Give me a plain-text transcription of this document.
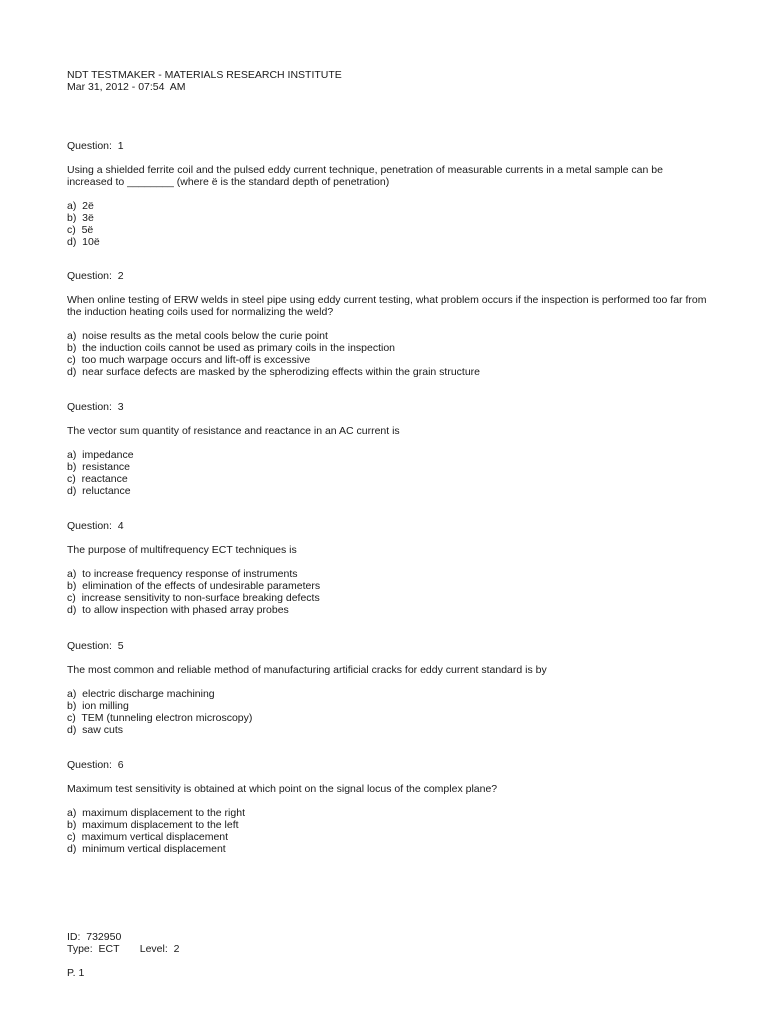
NDT TESTMAKER - MATERIALS RESEARCH INSTITUTE
Mar 31, 2012 - 07:54  AM
Question:  1
Using a shielded ferrite coil and the pulsed eddy current technique, penetration of measurable currents in a metal sample can be increased to ________ (where ë is the standard depth of penetration)
a)  2ë
b)  3ë
c)  5ë
d)  10ë
Question:  2
When online testing of ERW welds in steel pipe using eddy current testing, what problem occurs if the inspection is performed too far from the induction heating coils used for normalizing the weld?
a)  noise results as the metal cools below the curie point
b)  the induction coils cannot be used as primary coils in the inspection
c)  too much warpage occurs and lift-off is excessive
d)  near surface defects are masked by the spherodizing effects within the grain structure
Question:  3
The vector sum quantity of resistance and reactance in an AC current is
a)  impedance
b)  resistance
c)  reactance
d)  reluctance
Question:  4
The purpose of multifrequency ECT techniques is
a)  to increase frequency response of instruments
b)  elimination of the effects of undesirable parameters
c)  increase sensitivity to non-surface breaking defects
d)  to allow inspection with phased array probes
Question:  5
The most common and reliable method of manufacturing artificial cracks for eddy current standard is by
a)  electric discharge machining
b)  ion milling
c)  TEM (tunneling electron microscopy)
d)  saw cuts
Question:  6
Maximum test sensitivity is obtained at which point on the signal locus of the complex plane?
a)  maximum displacement to the right
b)  maximum displacement to the left
c)  maximum vertical displacement
d)  minimum vertical displacement
ID:  732950
Type:  ECT       Level:  2
P. 1
